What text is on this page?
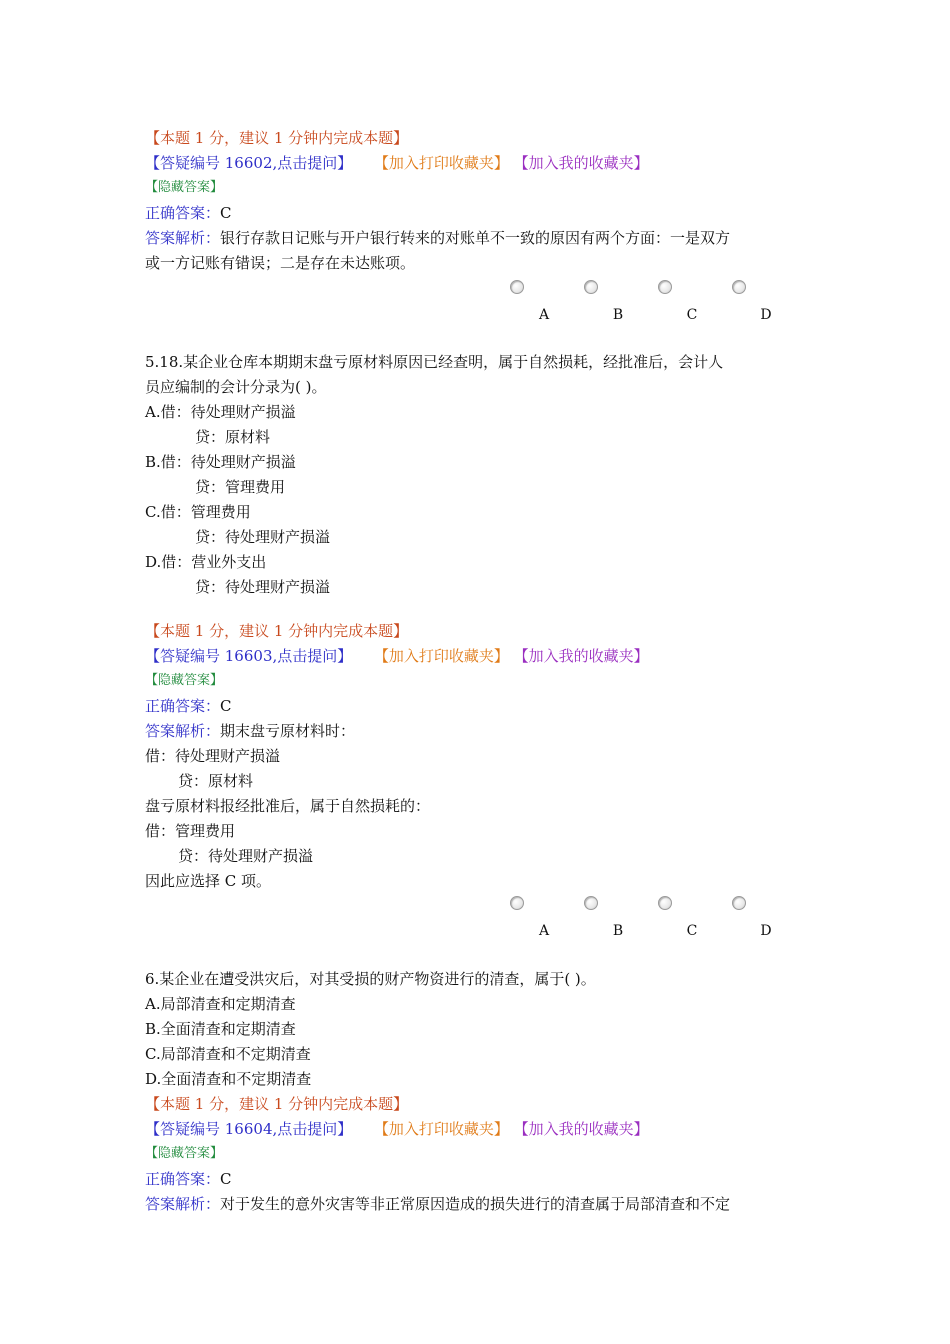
【本题 1 分，建议 1 分钟内完成本题】
【答疑编号 16602,点击提问】 【加入打印收藏夹】 【加入我的收藏夹】
【隐藏答案】
正确答案：C
答案解析：银行存款日记账与开户银行转来的对账单不一致的原因有两个方面：一是双方
或一方记账有错误；二是存在未达账项。
A	B	C	D
5.18.某企业仓库本期期末盘亏原材料原因已经查明，属于自然损耗，经批准后，会计人
员应编制的会计分录为( )。
A.借：待处理财产损溢
贷：原材料
B.借：待处理财产损溢
贷：管理费用
C.借：管理费用
贷：待处理财产损溢
D.借：营业外支出
贷：待处理财产损溢
【本题 1 分，建议 1 分钟内完成本题】
【答疑编号 16603,点击提问】 【加入打印收藏夹】 【加入我的收藏夹】
【隐藏答案】
正确答案：C
答案解析：期末盘亏原材料时：
借：待处理财产损溢
贷：原材料
盘亏原材料报经批准后，属于自然损耗的：
借：管理费用
贷：待处理财产损溢
因此应选择 C 项。
A	B	C	D
6.某企业在遭受洪灾后，对其受损的财产物资进行的清查，属于( )。
A.局部清查和定期清查
B.全面清查和定期清查
C.局部清查和不定期清查
D.全面清查和不定期清查
【本题 1 分，建议 1 分钟内完成本题】
【答疑编号 16604,点击提问】 【加入打印收藏夹】 【加入我的收藏夹】
【隐藏答案】
正确答案：C
答案解析：对于发生的意外灾害等非正常原因造成的损失进行的清查属于局部清查和不定
